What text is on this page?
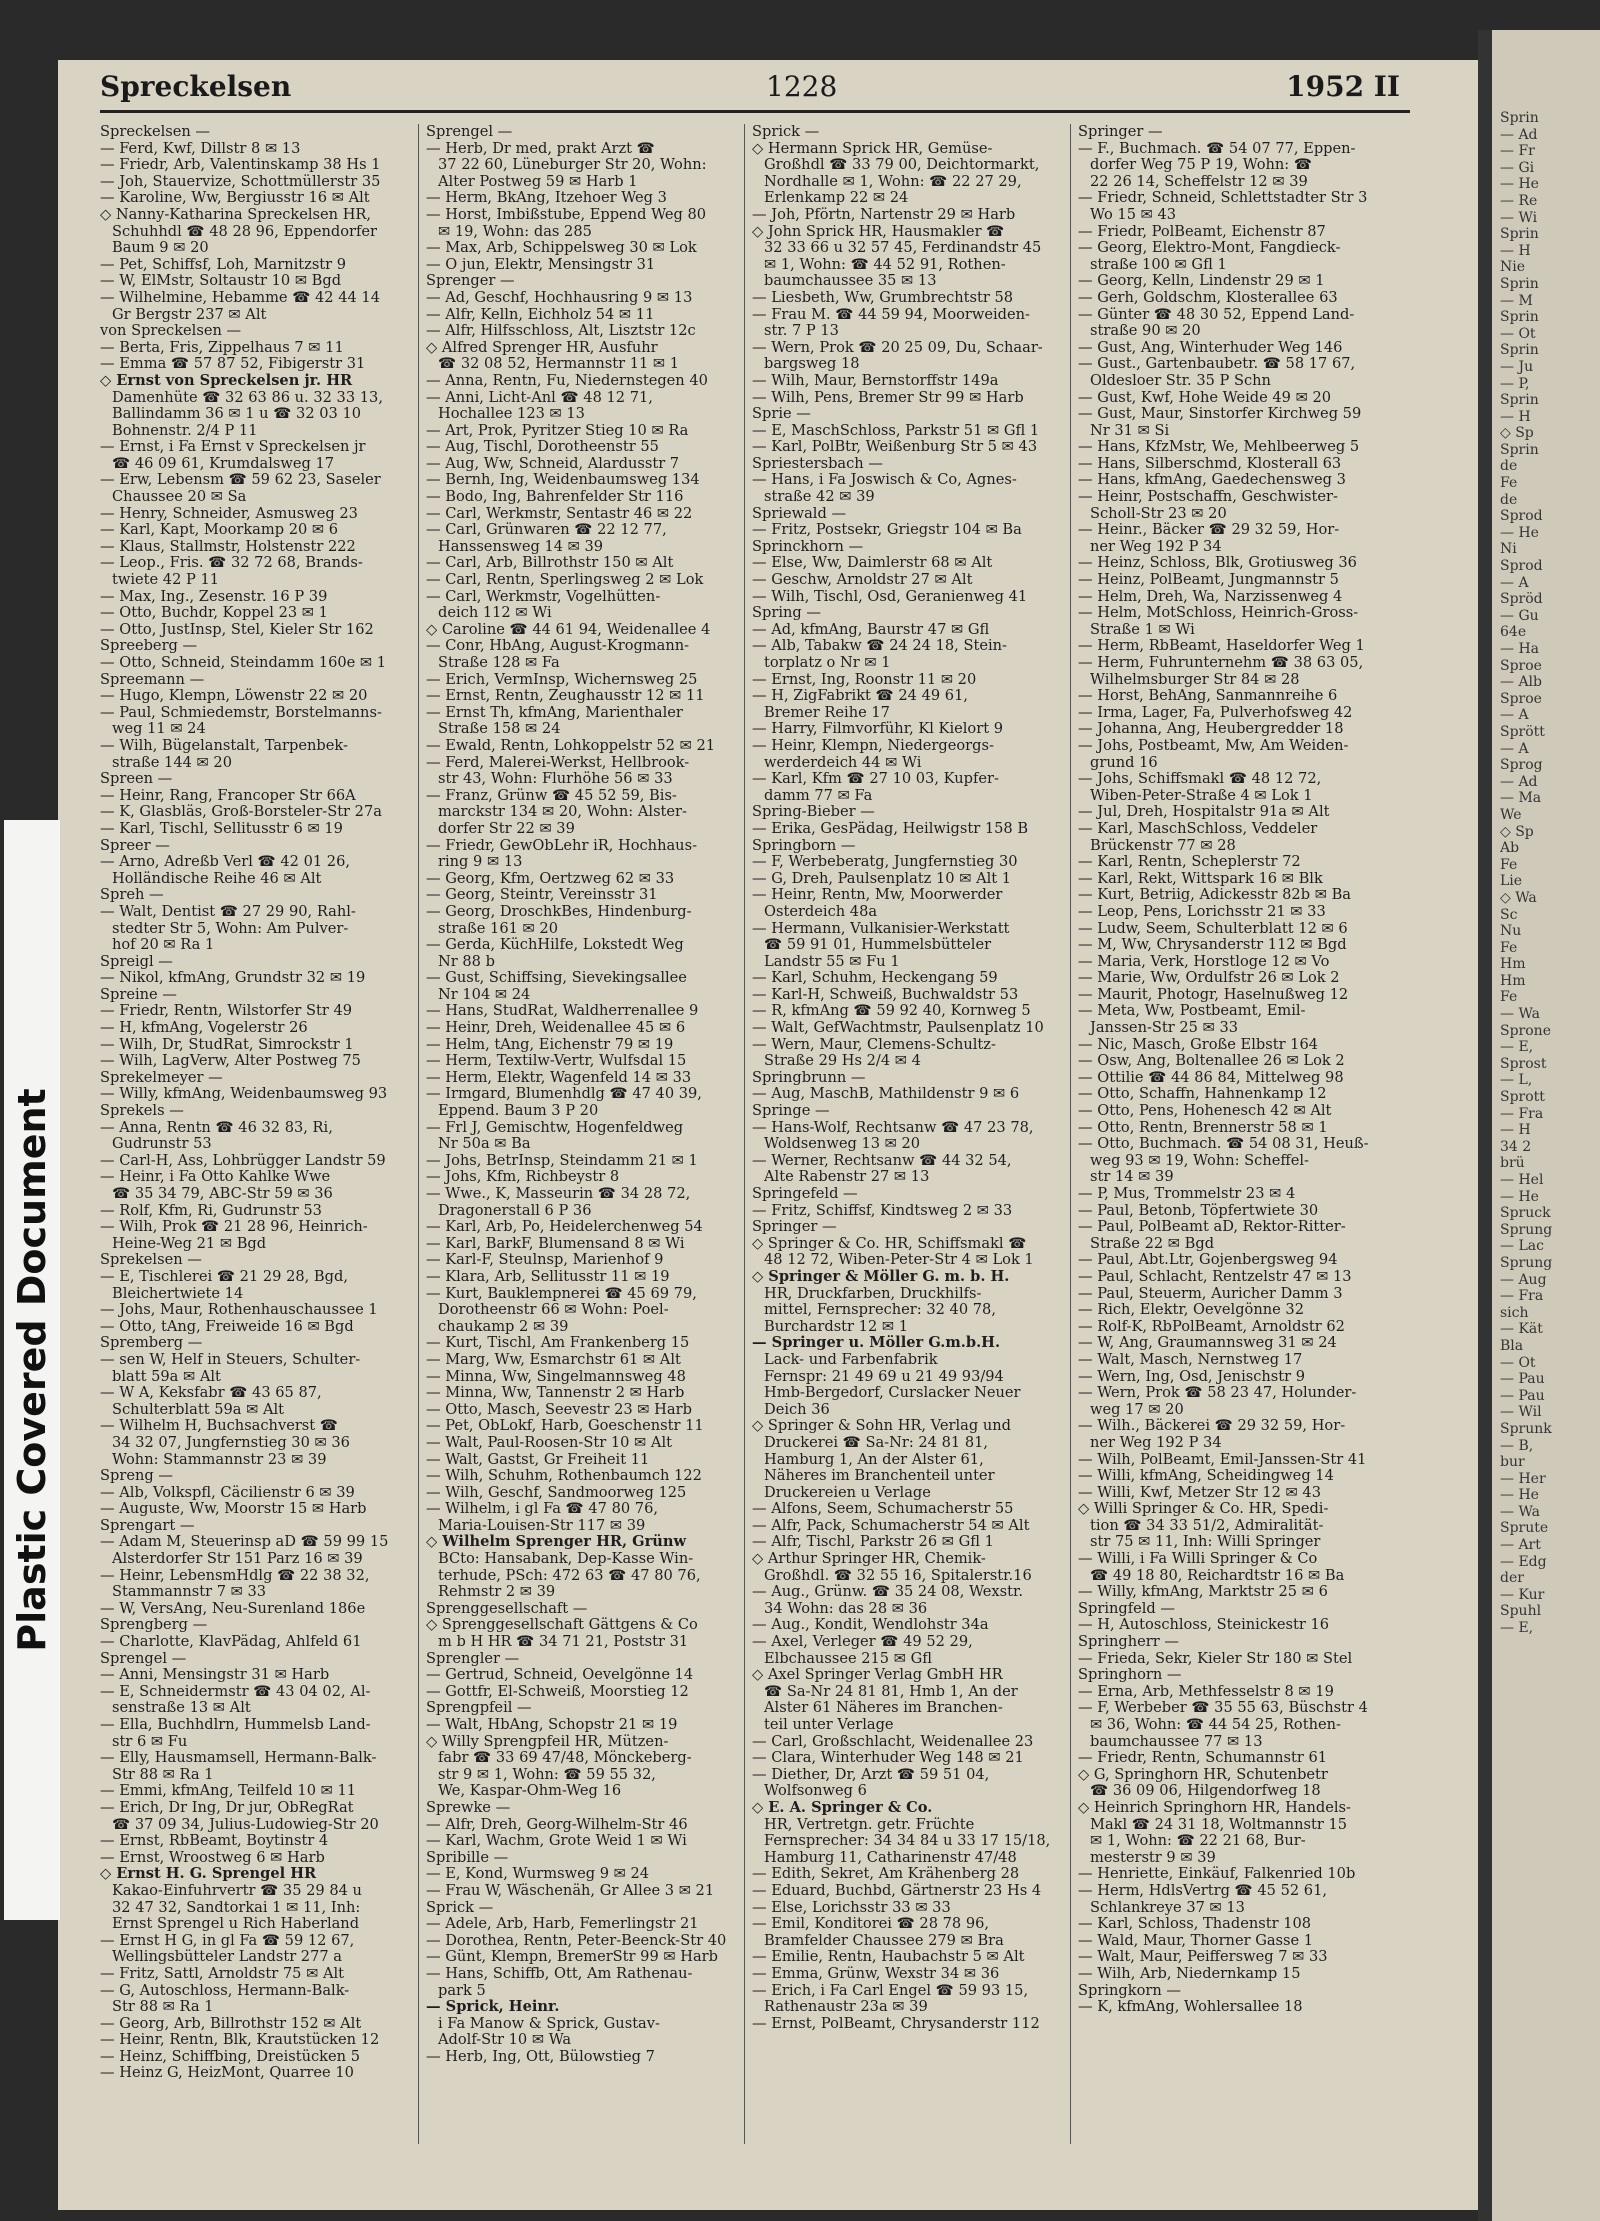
Sprin
— Ad
— Fr
— Gi
— He
— Re
— Wi
Sprin
— H
Nie
Sprin
— M
Sprin
— Ot
Sprin
— Ju
— P,
Sprin
— H
◇ Sp
Sprin
de
Fe
de
Sprod
— He
Ni
Sprod
— A
Spröd
— Gu
64e
— Ha
Sproe
— Alb
Sproe
— A
Sprött
— A
Sprog
— Ad
— Ma
We
◇ Sp
Ab
Fe
Lie
◇ Wa
Sc
Nu
Fe
Hm
Hm
Fe
— Wa
Sprone
— E,
Sprost
— L,
Sprott
— Fra
— H
34 2
brü
— Hel
— He
Spruck
Sprung
— Lac
Sprung
— Aug
— Fra
sich
— Kät
Bla
— Ot
— Pau
— Pau
— Wil
Sprunk
— B,
bur
— Her
— He
— Wa
Sprute
— Art
— Edg
der
— Kur
Spuhl
— E,
Spreckelsen	1228	1952 II
Spreckelsen —
— Ferd, Kwf, Dillstr 8 ✉ 13
— Friedr, Arb, Valentinskamp 38 Hs 1
— Joh, Stauervize, Schottmüllerstr 35
— Karoline, Ww, Bergiusstr 16 ✉ Alt
◇ Nanny-Katharina Spreckelsen HR,
Schuhhdl ☎ 48 28 96, Eppendorfer
Baum 9 ✉ 20
— Pet, Schiffsf, Loh, Marnitzstr 9
— W, ElMstr, Soltaustr 10 ✉ Bgd
— Wilhelmine, Hebamme ☎ 42 44 14
Gr Bergstr 237 ✉ Alt
von Spreckelsen —
— Berta, Fris, Zippelhaus 7 ✉ 11
— Emma ☎ 57 87 52, Fibigerstr 31
◇ Ernst von Spreckelsen jr. HR
Damenhüte ☎ 32 63 86 u. 32 33 13,
Ballindamm 36 ✉ 1 u ☎ 32 03 10
Bohnenstr. 2/4 P 11
— Ernst, i Fa Ernst v Spreckelsen jr
☎ 46 09 61, Krumdalsweg 17
— Erw, Lebensm ☎ 59 62 23, Saseler
Chaussee 20 ✉ Sa
— Henry, Schneider, Asmusweg 23
— Karl, Kapt, Moorkamp 20 ✉ 6
— Klaus, Stallmstr, Holstenstr 222
— Leop., Fris. ☎ 32 72 68, Brands-
twiete 42 P 11
— Max, Ing., Zesenstr. 16 P 39
— Otto, Buchdr, Koppel 23 ✉ 1
— Otto, JustInsp, Stel, Kieler Str 162
Spreeberg —
— Otto, Schneid, Steindamm 160e ✉ 1
Spreemann —
— Hugo, Klempn, Löwenstr 22 ✉ 20
— Paul, Schmiedemstr, Borstelmanns-
weg 11 ✉ 24
— Wilh, Bügelanstalt, Tarpenbek-
straße 144 ✉ 20
Spreen —
— Heinr, Rang, Francoper Str 66A
— K, Glasbläs, Groß-Borsteler-Str 27a
— Karl, Tischl, Sellitusstr 6 ✉ 19
Spreer —
— Arno, Adreßb Verl ☎ 42 01 26,
Holländische Reihe 46 ✉ Alt
Spreh —
— Walt, Dentist ☎ 27 29 90, Rahl-
stedter Str 5, Wohn: Am Pulver-
hof 20 ✉ Ra 1
Spreigl —
— Nikol, kfmAng, Grundstr 32 ✉ 19
Spreine —
— Friedr, Rentn, Wilstorfer Str 49
— H, kfmAng, Vogelerstr 26
— Wilh, Dr, StudRat, Simrockstr 1
— Wilh, LagVerw, Alter Postweg 75
Sprekelmeyer —
— Willy, kfmAng, Weidenbaumsweg 93
Sprekels —
— Anna, Rentn ☎ 46 32 83, Ri,
Gudrunstr 53
— Carl-H, Ass, Lohbrügger Landstr 59
— Heinr, i Fa Otto Kahlke Wwe
☎ 35 34 79, ABC-Str 59 ✉ 36
— Rolf, Kfm, Ri, Gudrunstr 53
— Wilh, Prok ☎ 21 28 96, Heinrich-
Heine-Weg 21 ✉ Bgd
Sprekelsen —
— E, Tischlerei ☎ 21 29 28, Bgd,
Bleichertwiete 14
— Johs, Maur, Rothenhauschaussee 1
— Otto, tAng, Freiweide 16 ✉ Bgd
Spremberg —
— sen W, Helf in Steuers, Schulter-
blatt 59a ✉ Alt
— W A, Keksfabr ☎ 43 65 87,
Schulterblatt 59a ✉ Alt
— Wilhelm H, Buchsachverst ☎
34 32 07, Jungfernstieg 30 ✉ 36
Wohn: Stammannstr 23 ✉ 39
Spreng —
— Alb, Volkspfl, Cäcilienstr 6 ✉ 39
— Auguste, Ww, Moorstr 15 ✉ Harb
Sprengart —
— Adam M, Steuerinsp aD ☎ 59 99 15
Alsterdorfer Str 151 Parz 16 ✉ 39
— Heinr, LebensmHdlg ☎ 22 38 32,
Stammannstr 7 ✉ 33
— W, VersAng, Neu-Surenland 186e
Sprengberg —
— Charlotte, KlavPädag, Ahlfeld 61
Sprengel —
— Anni, Mensingstr 31 ✉ Harb
— E, Schneidermstr ☎ 43 04 02, Al-
senstraße 13 ✉ Alt
— Ella, Buchhdlrn, Hummelsb Land-
str 6 ✉ Fu
— Elly, Hausmamsell, Hermann-Balk-
Str 88 ✉ Ra 1
— Emmi, kfmAng, Teilfeld 10 ✉ 11
— Erich, Dr Ing, Dr jur, ObRegRat
☎ 37 09 34, Julius-Ludowieg-Str 20
— Ernst, RbBeamt, Boytinstr 4
— Ernst, Wroostweg 6 ✉ Harb
◇ Ernst H. G. Sprengel HR
Kakao-Einfuhrvertr ☎ 35 29 84 u
32 47 32, Sandtorkai 1 ✉ 11, Inh:
Ernst Sprengel u Rich Haberland
— Ernst H G, in gl Fa ☎ 59 12 67,
Wellingsbütteler Landstr 277 a
— Fritz, Sattl, Arnoldstr 75 ✉ Alt
— G, Autoschloss, Hermann-Balk-
Str 88 ✉ Ra 1
— Georg, Arb, Billrothstr 152 ✉ Alt
— Heinr, Rentn, Blk, Krautstücken 12
— Heinz, Schiffbing, Dreistücken 5
— Heinz G, HeizMont, Quarree 10
Sprengel —
— Herb, Dr med, prakt Arzt ☎
37 22 60, Lüneburger Str 20, Wohn:
Alter Postweg 59 ✉ Harb 1
— Herm, BkAng, Itzehoer Weg 3
— Horst, Imbißstube, Eppend Weg 80
✉ 19, Wohn: das 285
— Max, Arb, Schippelsweg 30 ✉ Lok
— O jun, Elektr, Mensingstr 31
Sprenger —
— Ad, Geschf, Hochhausring 9 ✉ 13
— Alfr, Kelln, Eichholz 54 ✉ 11
— Alfr, Hilfsschloss, Alt, Lisztstr 12c
◇ Alfred Sprenger HR, Ausfuhr
☎ 32 08 52, Hermannstr 11 ✉ 1
— Anna, Rentn, Fu, Niedernstegen 40
— Anni, Licht-Anl ☎ 48 12 71,
Hochallee 123 ✉ 13
— Art, Prok, Pyritzer Stieg 10 ✉ Ra
— Aug, Tischl, Dorotheenstr 55
— Aug, Ww, Schneid, Alardusstr 7
— Bernh, Ing, Weidenbaumsweg 134
— Bodo, Ing, Bahrenfelder Str 116
— Carl, Werkmstr, Sentastr 46 ✉ 22
— Carl, Grünwaren ☎ 22 12 77,
Hanssensweg 14 ✉ 39
— Carl, Arb, Billrothstr 150 ✉ Alt
— Carl, Rentn, Sperlingsweg 2 ✉ Lok
— Carl, Werkmstr, Vogelhütten-
deich 112 ✉ Wi
◇ Caroline ☎ 44 61 94, Weidenallee 4
— Conr, HbAng, August-Krogmann-
Straße 128 ✉ Fa
— Erich, VermInsp, Wichernsweg 25
— Ernst, Rentn, Zeughausstr 12 ✉ 11
— Ernst Th, kfmAng, Marienthaler
Straße 158 ✉ 24
— Ewald, Rentn, Lohkoppelstr 52 ✉ 21
— Ferd, Malerei-Werkst, Hellbrook-
str 43, Wohn: Flurhöhe 56 ✉ 33
— Franz, Grünw ☎ 45 52 59, Bis-
marckstr 134 ✉ 20, Wohn: Alster-
dorfer Str 22 ✉ 39
— Friedr, GewObLehr iR, Hochhaus-
ring 9 ✉ 13
— Georg, Kfm, Oertzweg 62 ✉ 33
— Georg, Steintr, Vereinsstr 31
— Georg, DroschkBes, Hindenburg-
straße 161 ✉ 20
— Gerda, KüchHilfe, Lokstedt Weg
Nr 88 b
— Gust, Schiffsing, Sievekingsallee
Nr 104 ✉ 24
— Hans, StudRat, Waldherrenallee 9
— Heinr, Dreh, Weidenallee 45 ✉ 6
— Helm, tAng, Eichenstr 79 ✉ 19
— Herm, Textilw-Vertr, Wulfsdal 15
— Herm, Elektr, Wagenfeld 14 ✉ 33
— Irmgard, Blumenhdlg ☎ 47 40 39,
Eppend. Baum 3 P 20
— Frl J, Gemischtw, Hogenfeldweg
Nr 50a ✉ Ba
— Johs, BetrInsp, Steindamm 21 ✉ 1
— Johs, Kfm, Richbeystr 8
— Wwe., K, Masseurin ☎ 34 28 72,
Dragonerstall 6 P 36
— Karl, Arb, Po, Heidelerchenweg 54
— Karl, BarkF, Blumensand 8 ✉ Wi
— Karl-F, Steulnsp, Marienhof 9
— Klara, Arb, Sellitusstr 11 ✉ 19
— Kurt, Bauklempnerei ☎ 45 69 79,
Dorotheenstr 66 ✉ Wohn: Poel-
chaukamp 2 ✉ 39
— Kurt, Tischl, Am Frankenberg 15
— Marg, Ww, Esmarchstr 61 ✉ Alt
— Minna, Ww, Singelmannsweg 48
— Minna, Ww, Tannenstr 2 ✉ Harb
— Otto, Masch, Seevestr 23 ✉ Harb
— Pet, ObLokf, Harb, Goeschenstr 11
— Walt, Paul-Roosen-Str 10 ✉ Alt
— Walt, Gastst, Gr Freiheit 11
— Wilh, Schuhm, Rothenbaumch 122
— Wilh, Geschf, Sandmoorweg 125
— Wilhelm, i gl Fa ☎ 47 80 76,
Maria-Louisen-Str 117 ✉ 39
◇ Wilhelm Sprenger HR, Grünw
BCto: Hansabank, Dep-Kasse Win-
terhude, PSch: 472 63 ☎ 47 80 76,
Rehmstr 2 ✉ 39
Sprenggesellschaft —
◇ Sprenggesellschaft Gättgens & Co
m b H HR ☎ 34 71 21, Poststr 31
Sprengler —
— Gertrud, Schneid, Oevelgönne 14
— Gottfr, El-Schweiß, Moorstieg 12
Sprengpfeil —
— Walt, HbAng, Schopstr 21 ✉ 19
◇ Willy Sprengpfeil HR, Mützen-
fabr ☎ 33 69 47/48, Mönckeberg-
str 9 ✉ 1, Wohn: ☎ 59 55 32,
We, Kaspar-Ohm-Weg 16
Sprewke —
— Alfr, Dreh, Georg-Wilhelm-Str 46
— Karl, Wachm, Grote Weid 1 ✉ Wi
Spribille —
— E, Kond, Wurmsweg 9 ✉ 24
— Frau W, Wäschenäh, Gr Allee 3 ✉ 21
Sprick —
— Adele, Arb, Harb, Femerlingstr 21
— Dorothea, Rentn, Peter-Beenck-Str 40
— Günt, Klempn, BremerStr 99 ✉ Harb
— Hans, Schiffb, Ott, Am Rathenau-
park 5
— Sprick, Heinr.
i Fa Manow & Sprick, Gustav-
Adolf-Str 10 ✉ Wa
— Herb, Ing, Ott, Bülowstieg 7
Sprick —
◇ Hermann Sprick HR, Gemüse-
Großhdl ☎ 33 79 00, Deichtormarkt,
Nordhalle ✉ 1, Wohn: ☎ 22 27 29,
Erlenkamp 22 ✉ 24
— Joh, Pförtn, Nartenstr 29 ✉ Harb
◇ John Sprick HR, Hausmakler ☎
32 33 66 u 32 57 45, Ferdinandstr 45
✉ 1, Wohn: ☎ 44 52 91, Rothen-
baumchaussee 35 ✉ 13
— Liesbeth, Ww, Grumbrechtstr 58
— Frau M. ☎ 44 59 94, Moorweiden-
str. 7 P 13
— Wern, Prok ☎ 20 25 09, Du, Schaar-
bargsweg 18
— Wilh, Maur, Bernstorffstr 149a
— Wilh, Pens, Bremer Str 99 ✉ Harb
Sprie —
— E, MaschSchloss, Parkstr 51 ✉ Gfl 1
— Karl, PolBtr, Weißenburg Str 5 ✉ 43
Spriestersbach —
— Hans, i Fa Joswisch & Co, Agnes-
straße 42 ✉ 39
Spriewald —
— Fritz, Postsekr, Griegstr 104 ✉ Ba
Sprinckhorn —
— Else, Ww, Daimlerstr 68 ✉ Alt
— Geschw, Arnoldstr 27 ✉ Alt
— Wilh, Tischl, Osd, Geranienweg 41
Spring —
— Ad, kfmAng, Baurstr 47 ✉ Gfl
— Alb, Tabakw ☎ 24 24 18, Stein-
torplatz o Nr ✉ 1
— Ernst, Ing, Roonstr 11 ✉ 20
— H, ZigFabrikt ☎ 24 49 61,
Bremer Reihe 17
— Harry, Filmvorführ, Kl Kielort 9
— Heinr, Klempn, Niedergeorgs-
werderdeich 44 ✉ Wi
— Karl, Kfm ☎ 27 10 03, Kupfer-
damm 77 ✉ Fa
Spring-Bieber —
— Erika, GesPädag, Heilwigstr 158 B
Springborn —
— F, Werbeberatg, Jungfernstieg 30
— G, Dreh, Paulsenplatz 10 ✉ Alt 1
— Heinr, Rentn, Mw, Moorwerder
Osterdeich 48a
— Hermann, Vulkanisier-Werkstatt
☎ 59 91 01, Hummelsbütteler
Landstr 55 ✉ Fu 1
— Karl, Schuhm, Heckengang 59
— Karl-H, Schweiß, Buchwaldstr 53
— R, kfmAng ☎ 59 92 40, Kornweg 5
— Walt, GefWachtmstr, Paulsenplatz 10
— Wern, Maur, Clemens-Schultz-
Straße 29 Hs 2/4 ✉ 4
Springbrunn —
— Aug, MaschB, Mathildenstr 9 ✉ 6
Springe —
— Hans-Wolf, Rechtsanw ☎ 47 23 78,
Woldsenweg 13 ✉ 20
— Werner, Rechtsanw ☎ 44 32 54,
Alte Rabenstr 27 ✉ 13
Springefeld —
— Fritz, Schiffsf, Kindtsweg 2 ✉ 33
Springer —
◇ Springer & Co. HR, Schiffsmakl ☎
48 12 72, Wiben-Peter-Str 4 ✉ Lok 1
◇ Springer & Möller G. m. b. H.
HR, Druckfarben, Druckhilfs-
mittel, Fernsprecher: 32 40 78,
Burchardstr 12 ✉ 1
— Springer u. Möller G.m.b.H.
Lack- und Farbenfabrik
Fernspr: 21 49 69 u 21 49 93/94
Hmb-Bergedorf, Curslacker Neuer
Deich 36
◇ Springer & Sohn HR, Verlag und
Druckerei ☎ Sa-Nr: 24 81 81,
Hamburg 1, An der Alster 61,
Näheres im Branchenteil unter
Druckereien u Verlage
— Alfons, Seem, Schumacherstr 55
— Alfr, Pack, Schumacherstr 54 ✉ Alt
— Alfr, Tischl, Parkstr 26 ✉ Gfl 1
◇ Arthur Springer HR, Chemik-
Großhdl. ☎ 32 55 16, Spitalerstr.16
— Aug., Grünw. ☎ 35 24 08, Wexstr.
34 Wohn: das 28 ✉ 36
— Aug., Kondit, Wendlohstr 34a
— Axel, Verleger ☎ 49 52 29,
Elbchaussee 215 ✉ Gfl
◇ Axel Springer Verlag GmbH HR
☎ Sa-Nr 24 81 81, Hmb 1, An der
Alster 61 Näheres im Branchen-
teil unter Verlage
— Carl, Großschlacht, Weidenallee 23
— Clara, Winterhuder Weg 148 ✉ 21
— Diether, Dr, Arzt ☎ 59 51 04,
Wolfsonweg 6
◇ E. A. Springer & Co.
HR, Vertretgn. getr. Früchte
Fernsprecher: 34 34 84 u 33 17 15/18,
Hamburg 11, Catharinenstr 47/48
— Edith, Sekret, Am Krähenberg 28
— Eduard, Buchbd, Gärtnerstr 23 Hs 4
— Else, Lorichsstr 33 ✉ 33
— Emil, Konditorei ☎ 28 78 96,
Bramfelder Chaussee 279 ✉ Bra
— Emilie, Rentn, Haubachstr 5 ✉ Alt
— Emma, Grünw, Wexstr 34 ✉ 36
— Erich, i Fa Carl Engel ☎ 59 93 15,
Rathenaustr 23a ✉ 39
— Ernst, PolBeamt, Chrysanderstr 112
Springer —
— F., Buchmach. ☎ 54 07 77, Eppen-
dorfer Weg 75 P 19, Wohn: ☎
22 26 14, Scheffelstr 12 ✉ 39
— Friedr, Schneid, Schlettstadter Str 3
Wo 15 ✉ 43
— Friedr, PolBeamt, Eichenstr 87
— Georg, Elektro-Mont, Fangdieck-
straße 100 ✉ Gfl 1
— Georg, Kelln, Lindenstr 29 ✉ 1
— Gerh, Goldschm, Klosterallee 63
— Günter ☎ 48 30 52, Eppend Land-
straße 90 ✉ 20
— Gust, Ang, Winterhuder Weg 146
— Gust., Gartenbaubetr. ☎ 58 17 67,
Oldesloer Str. 35 P Schn
— Gust, Kwf, Hohe Weide 49 ✉ 20
— Gust, Maur, Sinstorfer Kirchweg 59
Nr 31 ✉ Si
— Hans, KfzMstr, We, Mehlbeerweg 5
— Hans, Silberschmd, Klosterall 63
— Hans, kfmAng, Gaedechensweg 3
— Heinr, Postschaffn, Geschwister-
Scholl-Str 23 ✉ 20
— Heinr., Bäcker ☎ 29 32 59, Hor-
ner Weg 192 P 34
— Heinz, Schloss, Blk, Grotiusweg 36
— Heinz, PolBeamt, Jungmannstr 5
— Helm, Dreh, Wa, Narzissenweg 4
— Helm, MotSchloss, Heinrich-Gross-
Straße 1 ✉ Wi
— Herm, RbBeamt, Haseldorfer Weg 1
— Herm, Fuhrunternehm ☎ 38 63 05,
Wilhelmsburger Str 84 ✉ 28
— Horst, BehAng, Sanmannreihe 6
— Irma, Lager, Fa, Pulverhofsweg 42
— Johanna, Ang, Heubergredder 18
— Johs, Postbeamt, Mw, Am Weiden-
grund 16
— Johs, Schiffsmakl ☎ 48 12 72,
Wiben-Peter-Straße 4 ✉ Lok 1
— Jul, Dreh, Hospitalstr 91a ✉ Alt
— Karl, MaschSchloss, Veddeler
Brückenstr 77 ✉ 28
— Karl, Rentn, Scheplerstr 72
— Karl, Rekt, Wittspark 16 ✉ Blk
— Kurt, Betriig, Adickesstr 82b ✉ Ba
— Leop, Pens, Lorichsstr 21 ✉ 33
— Ludw, Seem, Schulterblatt 12 ✉ 6
— M, Ww, Chrysanderstr 112 ✉ Bgd
— Maria, Verk, Horstloge 12 ✉ Vo
— Marie, Ww, Ordulfstr 26 ✉ Lok 2
— Maurit, Photogr, Haselnußweg 12
— Meta, Ww, Postbeamt, Emil-
Janssen-Str 25 ✉ 33
— Nic, Masch, Große Elbstr 164
— Osw, Ang, Boltenallee 26 ✉ Lok 2
— Ottilie ☎ 44 86 84, Mittelweg 98
— Otto, Schaffn, Hahnenkamp 12
— Otto, Pens, Hohenesch 42 ✉ Alt
— Otto, Rentn, Brennerstr 58 ✉ 1
— Otto, Buchmach. ☎ 54 08 31, Heuß-
weg 93 ✉ 19, Wohn: Scheffel-
str 14 ✉ 39
— P, Mus, Trommelstr 23 ✉ 4
— Paul, Betonb, Töpfertwiete 30
— Paul, PolBeamt aD, Rektor-Ritter-
Straße 22 ✉ Bgd
— Paul, Abt.Ltr, Gojenbergsweg 94
— Paul, Schlacht, Rentzelstr 47 ✉ 13
— Paul, Steuerm, Auricher Damm 3
— Rich, Elektr, Oevelgönne 32
— Rolf-K, RbPolBeamt, Arnoldstr 62
— W, Ang, Graumannsweg 31 ✉ 24
— Walt, Masch, Nernstweg 17
— Wern, Ing, Osd, Jenischstr 9
— Wern, Prok ☎ 58 23 47, Holunder-
weg 17 ✉ 20
— Wilh., Bäckerei ☎ 29 32 59, Hor-
ner Weg 192 P 34
— Wilh, PolBeamt, Emil-Janssen-Str 41
— Willi, kfmAng, Scheidingweg 14
— Willi, Kwf, Metzer Str 12 ✉ 43
◇ Willi Springer & Co. HR, Spedi-
tion ☎ 34 33 51/2, Admiralität-
str 75 ✉ 11, Inh: Willi Springer
— Willi, i Fa Willi Springer & Co
☎ 49 18 80, Reichardtstr 16 ✉ Ba
— Willy, kfmAng, Marktstr 25 ✉ 6
Springfeld —
— H, Autoschloss, Steinickestr 16
Springherr —
— Frieda, Sekr, Kieler Str 180 ✉ Stel
Springhorn —
— Erna, Arb, Methfesselstr 8 ✉ 19
— F, Werbeber ☎ 35 55 63, Büschstr 4
✉ 36, Wohn: ☎ 44 54 25, Rothen-
baumchaussee 77 ✉ 13
— Friedr, Rentn, Schumannstr 61
◇ G, Springhorn HR, Schutenbetr
☎ 36 09 06, Hilgendorfweg 18
◇ Heinrich Springhorn HR, Handels-
Makl ☎ 24 31 18, Woltmannstr 15
✉ 1, Wohn: ☎ 22 21 68, Bur-
mesterstr 9 ✉ 39
— Henriette, Einkäuf, Falkenried 10b
— Herm, HdlsVertrg ☎ 45 52 61,
Schlankreye 37 ✉ 13
— Karl, Schloss, Thadenstr 108
— Wald, Maur, Thorner Gasse 1
— Walt, Maur, Peiffersweg 7 ✉ 33
— Wilh, Arb, Niedernkamp 15
Springkorn —
— K, kfmAng, Wohlersallee 18
Plastic Covered Document
